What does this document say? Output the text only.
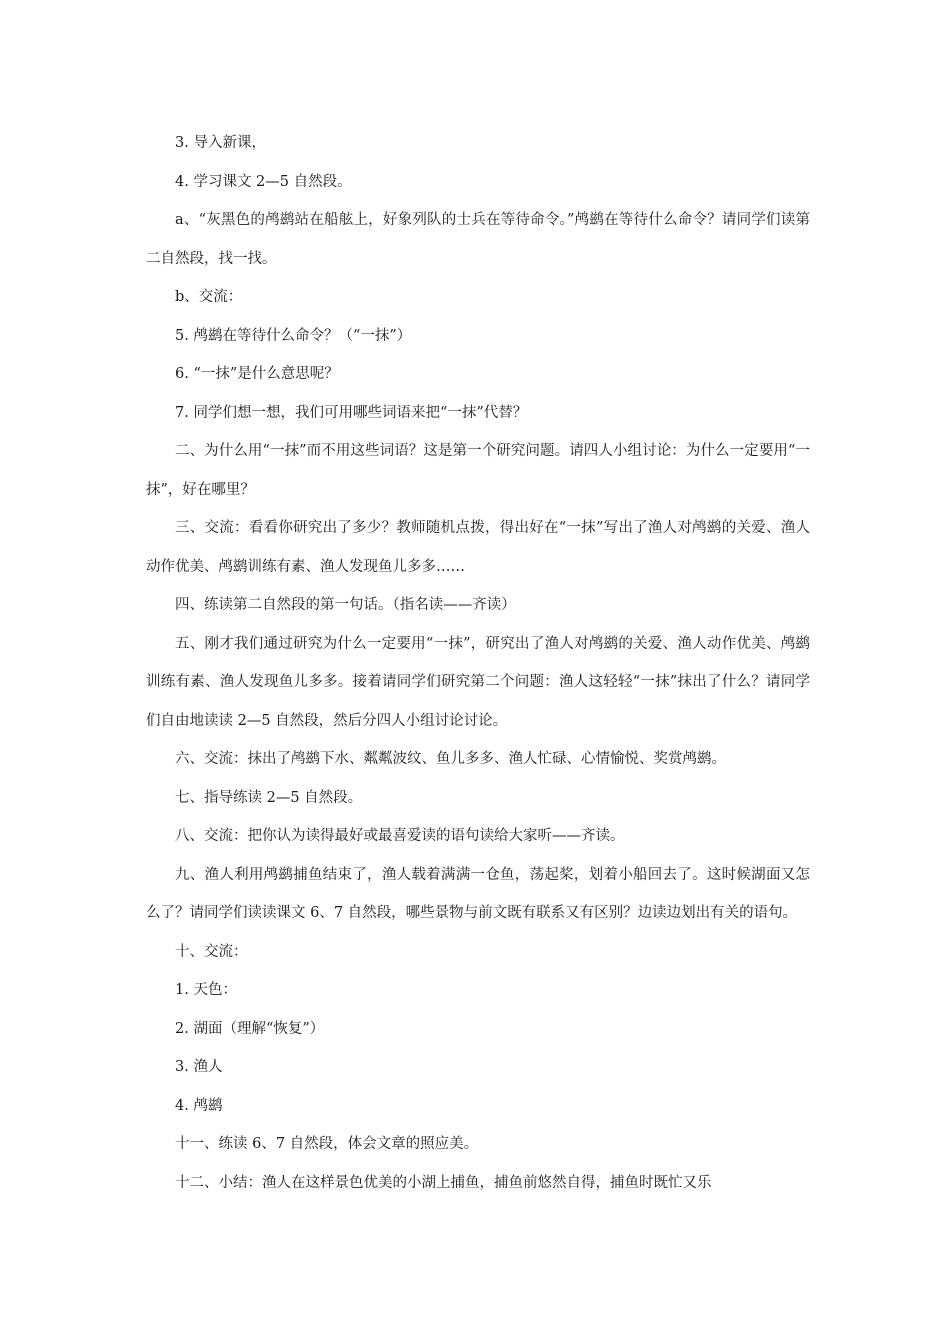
3. 导入新课，

4. 学习课文 2—5 自然段。

a、“灰黑色的鸬鹚站在船舷上，好象列队的士兵在等待命令。”鸬鹚在等待什么命令？请同学们读第二自然段，找一找。

b、交流：

5. 鸬鹚在等待什么命令？（“一抹”）

6. “一抹”是什么意思呢？

7. 同学们想一想，我们可用哪些词语来把“一抹”代替？

二、为什么用“一抹”而不用这些词语？这是第一个研究问题。请四人小组讨论：为什么一定要用“一抹”，好在哪里？

三、交流：看看你研究出了多少？教师随机点拨，得出好在“一抹”写出了渔人对鸬鹚的关爱、渔人动作优美、鸬鹚训练有素、渔人发现鱼儿多多……

四、练读第二自然段的第一句话。（指名读——齐读）

五、刚才我们通过研究为什么一定要用“一抹”，研究出了渔人对鸬鹚的关爱、渔人动作优美、鸬鹚训练有素、渔人发现鱼儿多多。接着请同学们研究第二个问题：渔人这轻轻“一抹”抹出了什么？请同学们自由地读读 2—5 自然段，然后分四人小组讨论讨论。

六、交流：抹出了鸬鹚下水、粼粼波纹、鱼儿多多、渔人忙碌、心情愉悦、奖赏鸬鹚。

七、指导练读 2—5 自然段。

八、交流：把你认为读得最好或最喜爱读的语句读给大家听——齐读。

九、渔人利用鸬鹚捕鱼结束了，渔人载着满满一仓鱼，荡起桨，划着小船回去了。这时候湖面又怎么了？请同学们读读课文 6、7 自然段，哪些景物与前文既有联系又有区别？边读边划出有关的语句。

十、交流：

1. 天色：

2. 湖面（理解“恢复”）

3. 渔人

4. 鸬鹚

十一、练读 6、7 自然段，体会文章的照应美。

十二、小结：渔人在这样景色优美的小湖上捕鱼，捕鱼前悠然自得，捕鱼时既忙又乐
